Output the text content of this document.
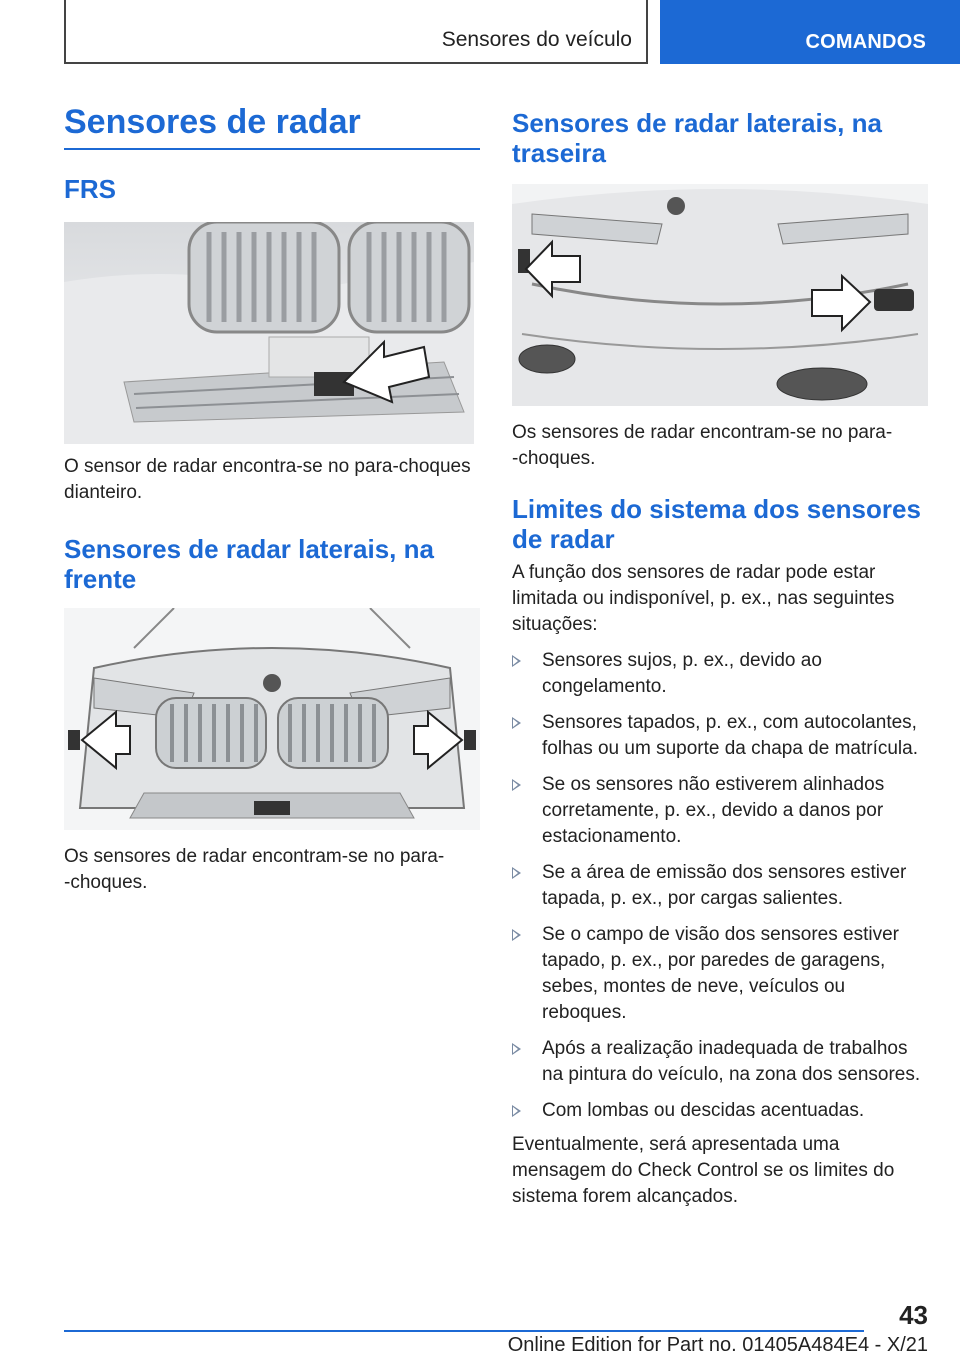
Sensores do veículo	COMANDOS
Sensores de radar
FRS

O sensor de radar encontra-se no para-choques dianteiro.

Sensores de radar laterais, na frente

Os sensores de radar encontram-se no para-

-choques.

Sensores de radar laterais, na traseira

Os sensores de radar encontram-se no para-

-choques.

Limites do sistema dos sensores de radar

A função dos sensores de radar pode estar limitada ou indisponível, p. ex., nas seguintes situações:

Sensores sujos, p. ex., devido ao congelamento.
Sensores tapados, p. ex., com autocolantes, folhas ou um suporte da chapa de matrícula.
Se os sensores não estiverem alinhados corretamente, p. ex., devido a danos por estacionamento.
Se a área de emissão dos sensores estiver tapada, p. ex., por cargas salientes.
Se o campo de visão dos sensores estiver tapado, p. ex., por paredes de garagens, sebes, montes de neve, veículos ou reboques.
Após a realização inadequada de trabalhos na pintura do veículo, na zona dos sensores.
Com lombas ou descidas acentuadas.

Eventualmente, será apresentada uma mensagem do Check Control se os limites do sistema forem alcançados.

43
Online Edition for Part no. 01405A484E4 - X/21
